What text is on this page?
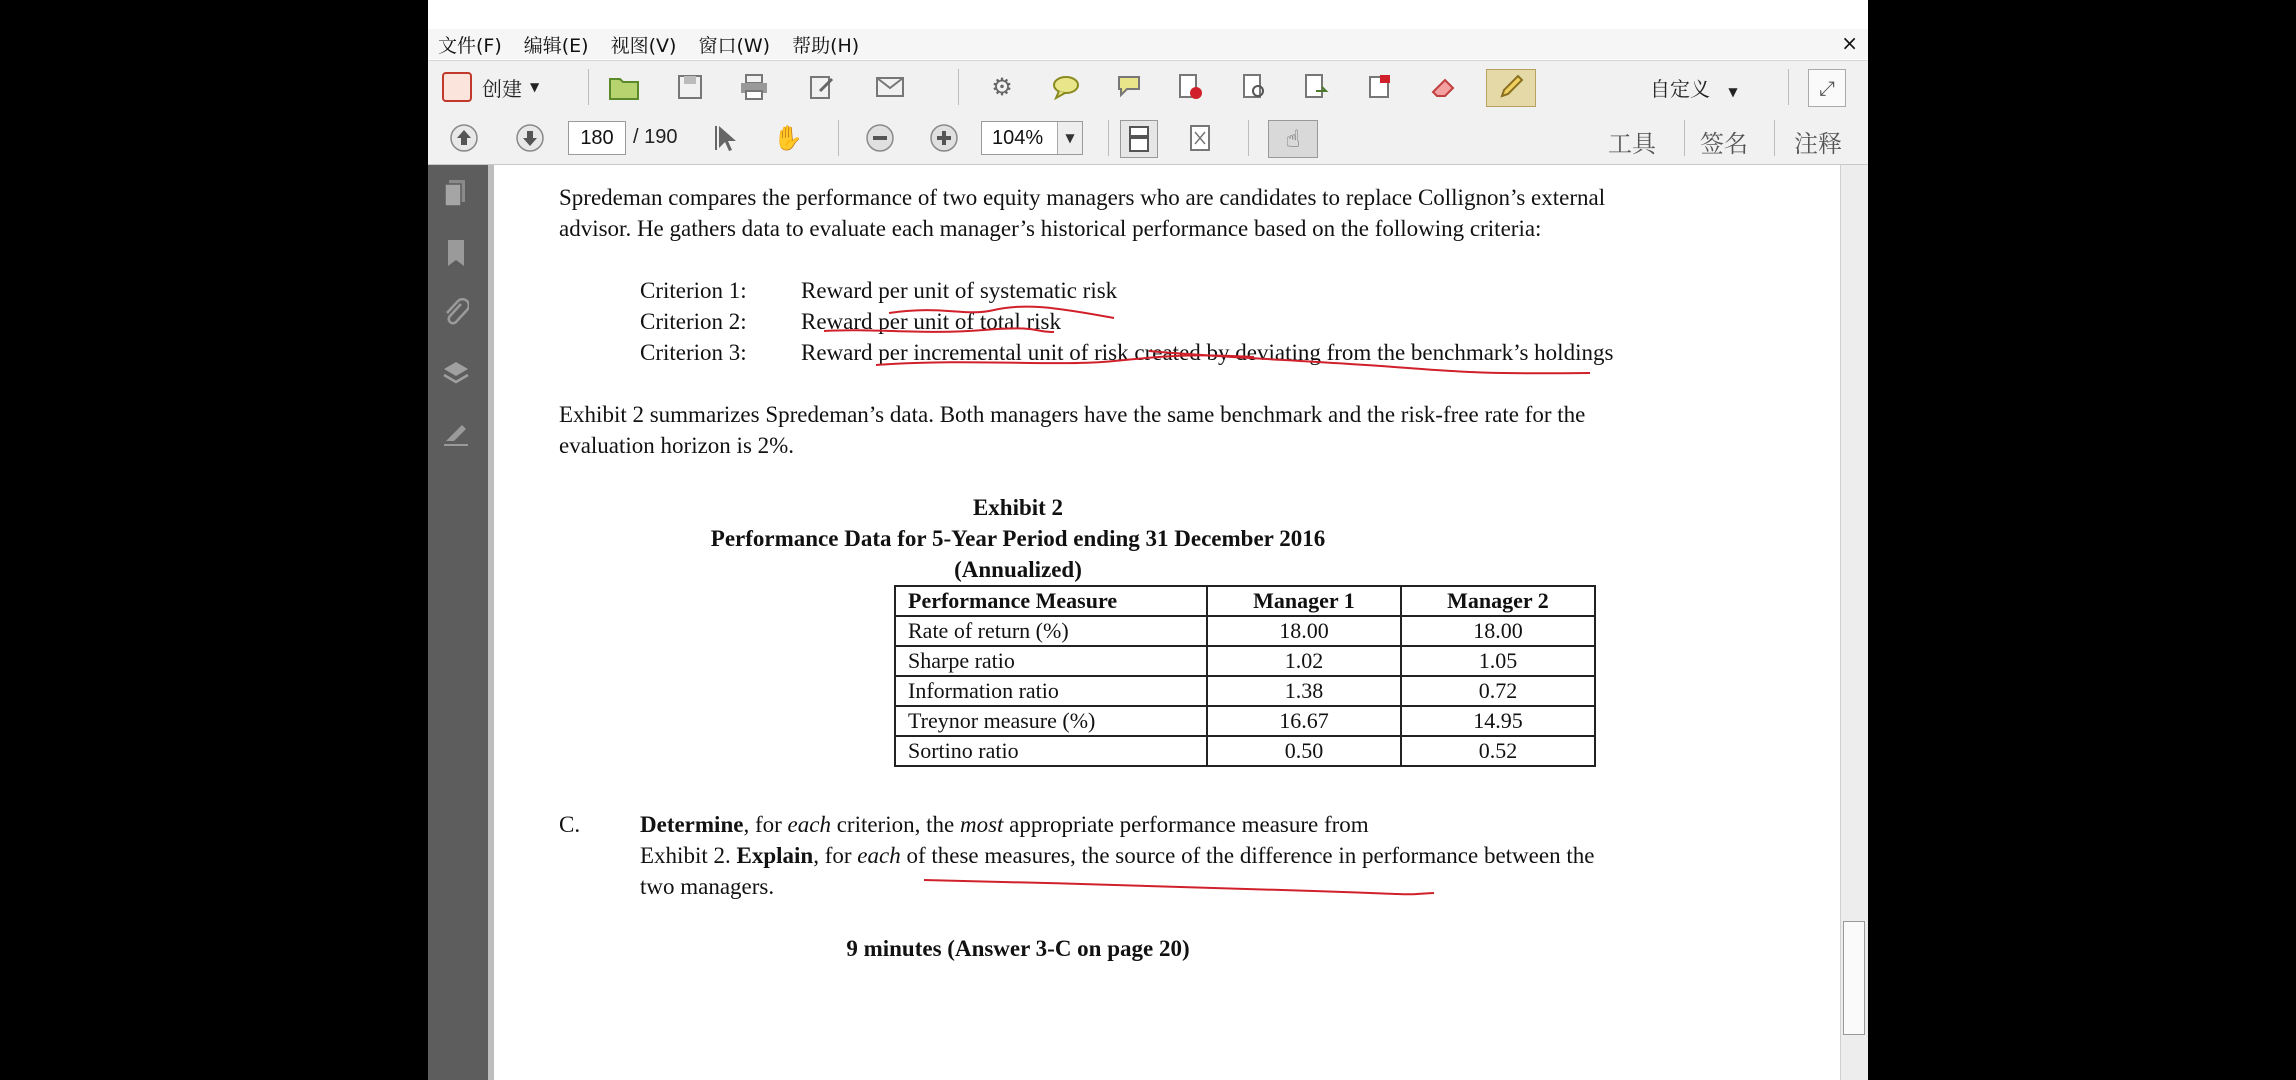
文件(F) 编辑(E) 视图(V) 窗口(W) 帮助(H)	×
创建 ▼	⚙	自定义 ▼	⤢
180 / 190	✋	104%	▼	☝	工具 签名 注释
Spredeman compares the performance of two equity managers who are candidates to replace Collignon’s external
advisor. He gathers data to evaluate each manager’s historical performance based on the following criteria:
Criterion 1: Reward per unit of systematic risk
Criterion 2: Reward per unit of total risk
Criterion 3: Reward per incremental unit of risk created by deviating from the benchmark’s holdings
Exhibit 2 summarizes Spredeman’s data. Both managers have the same benchmark and the risk-free rate for the
evaluation horizon is 2%.
Exhibit 2
Performance Data for 5-Year Period ending 31 December 2016
(Annualized)
Performance Measure	Manager 1	Manager 2
Rate of return (%)	18.00	18.00
Sharpe ratio	1.02	1.05
Information ratio	1.38	0.72
Treynor measure (%)	16.67	14.95
Sortino ratio	0.50	0.52
C.	Determine, for each criterion, the most appropriate performance measure from
Exhibit 2. Explain, for each of these measures, the source of the difference in performance between the
two managers.
9 minutes (Answer 3-C on page 20)
